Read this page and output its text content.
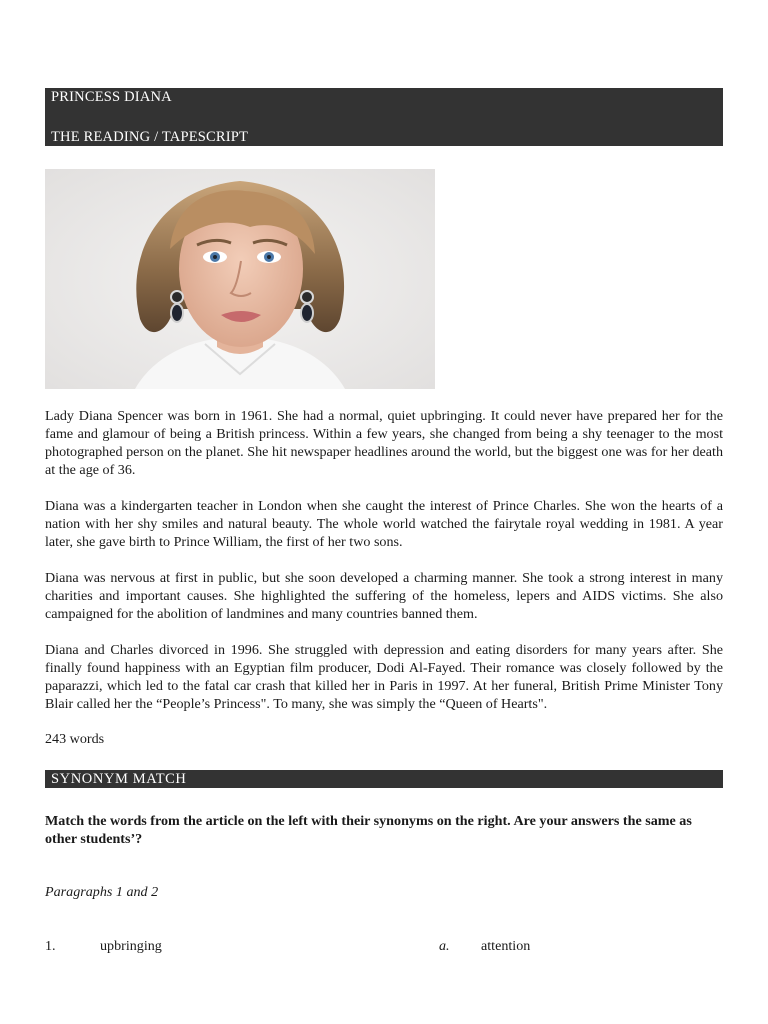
PRINCESS DIANA
THE READING / TAPESCRIPT

Lady Diana Spencer was born in 1961. She had a normal, quiet upbringing. It could never have prepared her for the fame and glamour of being a British princess. Within a few years, she changed from being a shy teenager to the most photographed person on the planet. She hit newspaper headlines around the world, but the biggest one was for her death at the age of 36.

Diana was a kindergarten teacher in London when she caught the interest of Prince Charles. She won the hearts of a nation with her shy smiles and natural beauty. The whole world watched the fairytale royal wedding in 1981. A year later, she gave birth to Prince William, the first of her two sons.

Diana was nervous at first in public, but she soon developed a charming manner. She took a strong interest in many charities and important causes. She highlighted the suffering of the homeless, lepers and AIDS victims. She also campaigned for the abolition of landmines and many countries banned them.

Diana and Charles divorced in 1996. She struggled with depression and eating disorders for many years after. She finally found happiness with an Egyptian film producer, Dodi Al-Fayed. Their romance was closely followed by the paparazzi, which led to the fatal car crash that killed her in Paris in 1997. At her funeral, British Prime Minister Tony Blair called her the “People’s Princess". To many, she was simply the “Queen of Hearts".

243 words
SYNONYM MATCH

Match the words from the article on the left with their synonyms on the right. Are your answers the same as other students’?

Paragraphs 1 and 2
1.	upbringing	a. attention
